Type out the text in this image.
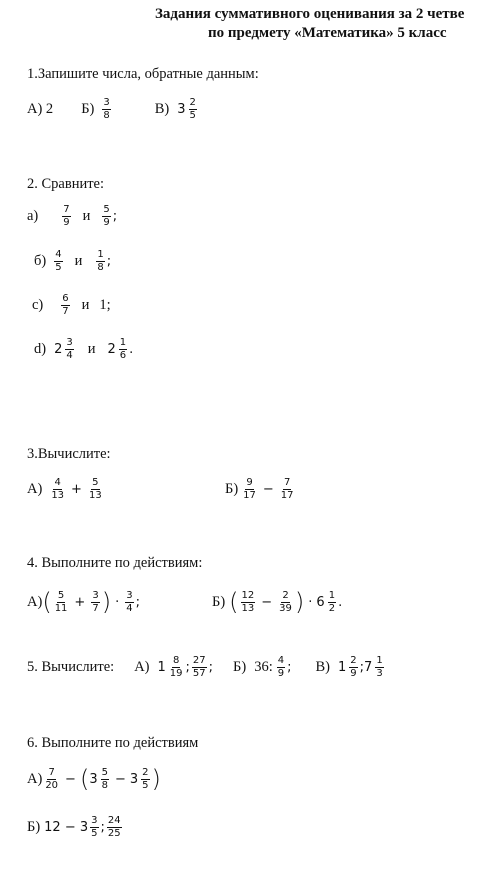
Задания суммативного оценивания за 2 четве
по предмету «Математика» 5 класс
1.Запишите числа, обратные данным:
А) 2 $Б) \frac{3}{8}$	В) $3 \frac{2}{5}$
2. Сравните:
$а) \frac{7}{9}$ и $\frac{5}{9}$ ;
$б) \frac{4}{5}$ и $\frac{1}{8}$ ;
$с) \frac{6}{7}$ и 1;
d) $2 \frac{3}{4}$ и $2 \frac{1}{6}$ .
3.Вычислите:
$А) \frac{4}{13} + \frac{5}{13}$	$Б) \frac{9}{17} - \frac{7}{17}$
4. Выполните по действиям:
А) ( $\frac{5}{11} + \frac{3}{7}$ ) · $\frac{3}{4}$ ;	Б) ( $\frac{12}{13} - \frac{2}{39}$ ) · $6 \frac{1}{2}$ .
5. Вычислите: А) $1 \frac{8}{19}$ ; $\frac{27}{57}$ ; Б) 36: $\frac{4}{9}$ ; В) $1 \frac{2}{9}$ ; $7 \frac{1}{3}$
6. Выполните по действиям
$А) \frac{7}{20}$ − ( $3 \frac{5}{8} - 3 \frac{2}{5}$ )
Б) $12 - 3 \frac{3}{5}$ ; $\frac{24}{25}$
